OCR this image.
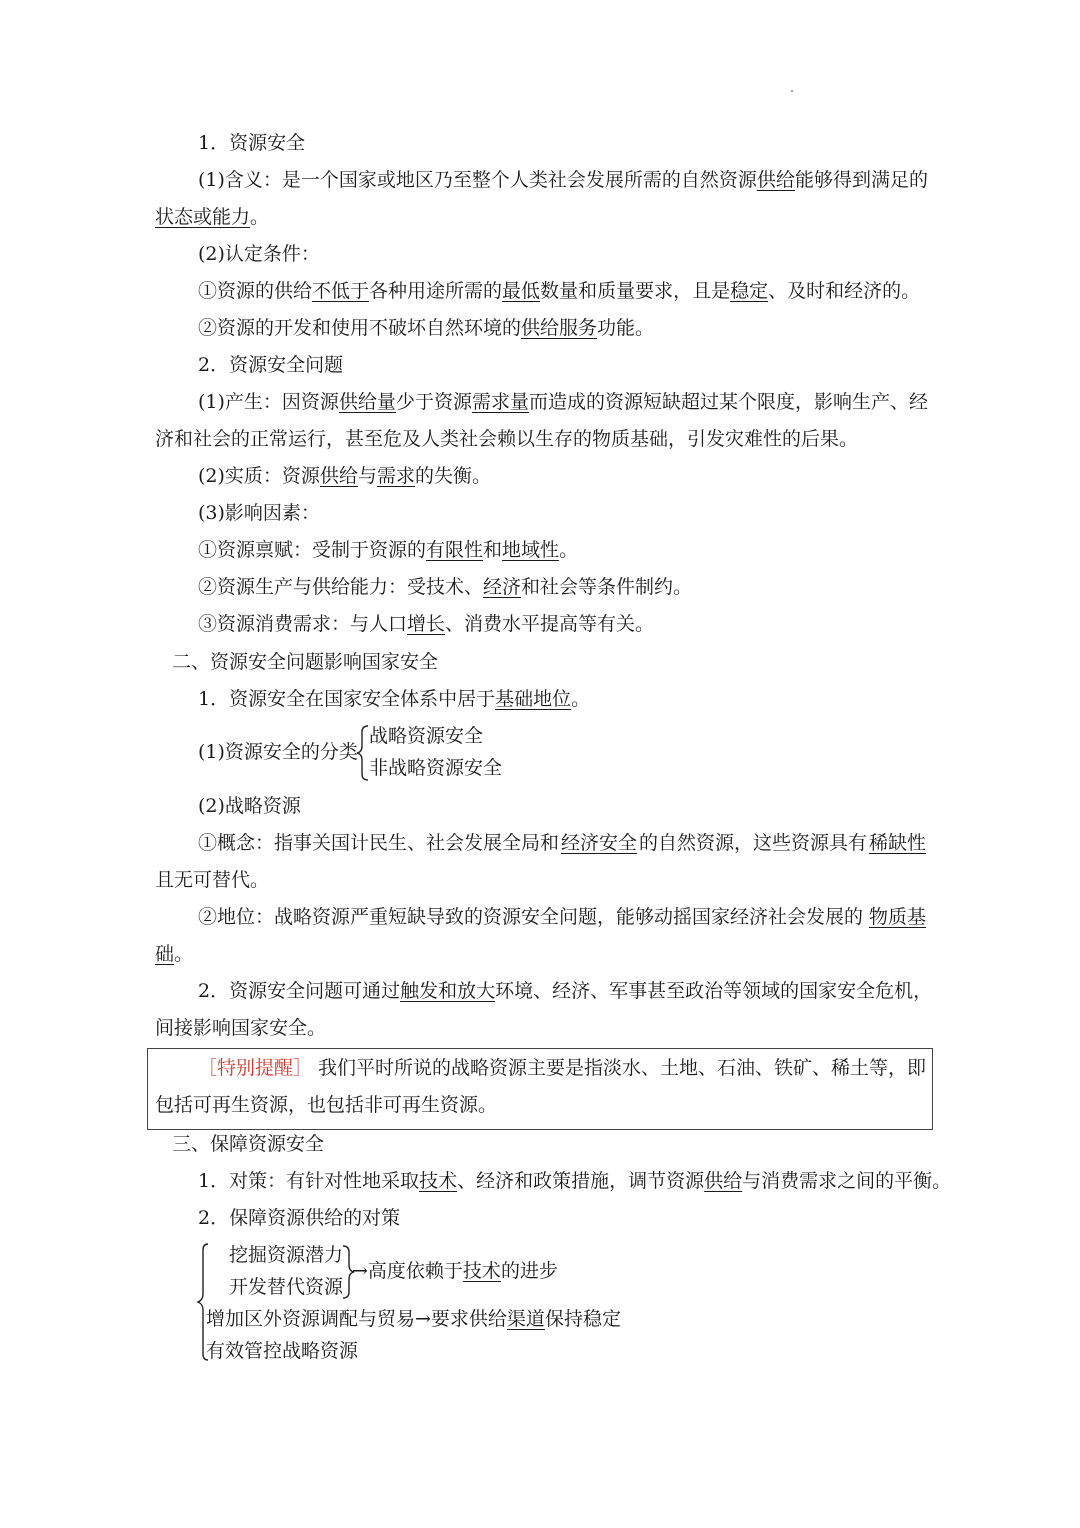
1．资源安全
(1)含义：是一个国家或地区乃至整个人类社会发展所需的自然资源 供给 能够得到满足的
状态或能力。
(2)认定条件：
①资源的供给不低于各种用途所需的最低数量和质量要求，且是稳定、及时和经济的。
②资源的开发和使用不破坏自然环境的供给服务功能。
2．资源安全问题
(1)产生：因资源供给量少于资源需求量而造成的资源短缺超过某个限度，影响生产、经
济和社会的正常运行，甚至危及人类社会赖以生存的物质基础，引发灾难性的后果。
(2)实质：资源供给与需求的失衡。
(3)影响因素：
①资源禀赋：受制于资源的有限性和地域性。
②资源生产与供给能力：受技术、经济和社会等条件制约。
③资源消费需求：与人口增长、消费水平提高等有关。
二、资源安全问题影响国家安全
1．资源安全在国家安全体系中居于基础地位。
(1)资源安全的分类
战略资源安全
非战略资源安全
(2)战略资源
①概念：指事关国计民生、社会发展全局和 经济安全 的自然资源，这些资源具有 稀缺性
且无可替代。
②地位：战略资源严重短缺导致的资源安全问题，能够动摇国家经济社会发展的 物质基
础。
2．资源安全问题可通过 触发和放大 环境、经济、军事甚至政治等领域的国家安全危机，
间接影响国家安全。
［特别提醒］ 我们平时所说的战略资源主要是指淡水、土地、石油、铁矿、稀土等，即
包括可再生资源，也包括非可再生资源。
三、保障资源安全
1．对策：有针对性地采取技术、经济和政策措施，调节资源供给与消费需求之间的平衡。
2．保障资源供给的对策
挖掘资源潜力
开发替代资源
→高度依赖于技术的进步
增加区外资源调配与贸易→要求供给渠道保持稳定
有效管控战略资源
